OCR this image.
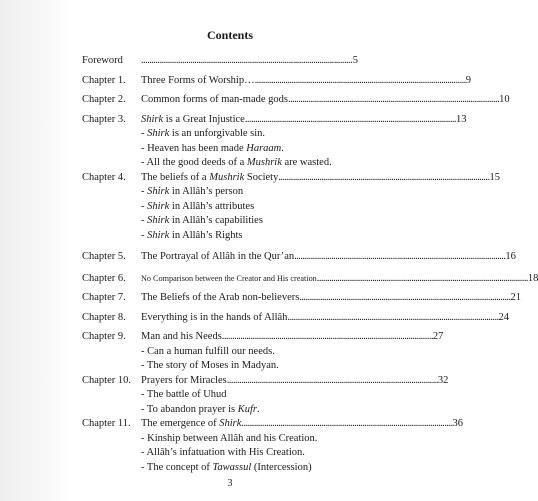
Contents
Foreword . . .	5
Chapter 1. Three Forms of Worship… . . .	9
Chapter 2. Common forms of man-made gods . . .	10
Chapter 3. Shirk is a Great Injustice . . .	13
- Shirk is an unforgivable sin.
- Heaven has been made Haraam.
- All the good deeds of a Mushrik are wasted.
Chapter 4. The beliefs of a Mushrik Society . . .	15
- Shirk in Allâh’s person
- Shirk in Allâh’s attributes
- Shirk in Allâh’s capabilities
- Shirk in Allâh’s Rights
Chapter 5. The Portrayal of Allâh in the Qur’an . . .	16
Chapter 6. No Comparison between the Creator and His creation . . .	18
Chapter 7. The Beliefs of the Arab non-believers . . .	21
Chapter 8. Everything is in the hands of Allâh . . .	24
Chapter 9. Man and his Needs . . .	27
- Can a human fulfill our needs.
- The story of Moses in Madyan.
Chapter 10. Prayers for Miracles . . .	32
- The battle of Uhud
- To abandon prayer is Kufr.
Chapter 11. The emergence of Shirk . . .	36
- Kinship between Allâh and his Creation.
- Allâh’s infatuation with His Creation.
- The concept of Tawassul (Intercession)
3
